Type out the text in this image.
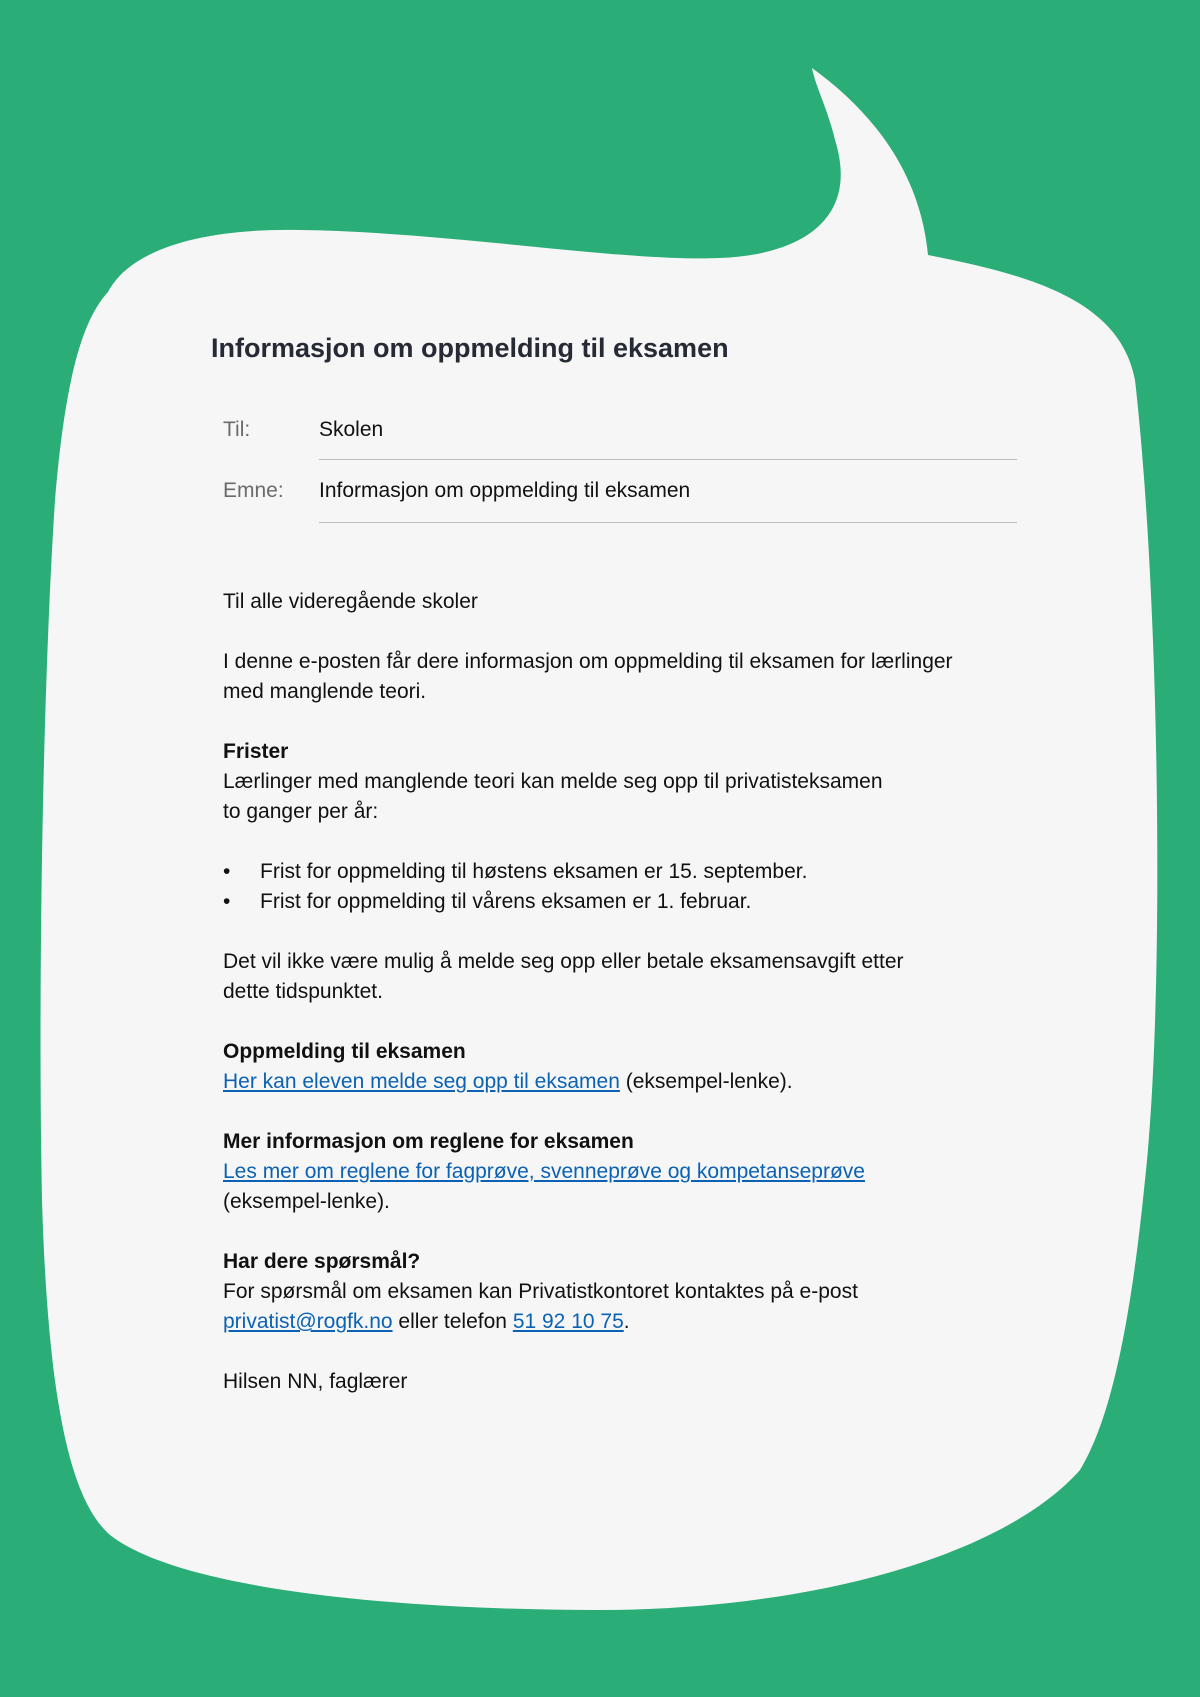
Informasjon om oppmelding til eksamen
Til:	Skolen
Emne: Informasjon om oppmelding til eksamen

Til alle videregående skoler

I denne e-posten får dere informasjon om oppmelding til eksamen for lærlinger
med manglende teori.

Frister

Lærlinger med manglende teori kan melde seg opp til privatisteksamen
to ganger per år:

• Frist for oppmelding til høstens eksamen er 15. september.
• Frist for oppmelding til vårens eksamen er 1. februar.

Det vil ikke være mulig å melde seg opp eller betale eksamensavgift etter
dette tidspunktet.

Oppmelding til eksamen

Her kan eleven melde seg opp til eksamen (eksempel-lenke).

Mer informasjon om reglene for eksamen

Les mer om reglene for fagprøve, svenneprøve og kompetanseprøve
(eksempel-lenke).

Har dere spørsmål?

For spørsmål om eksamen kan Privatistkontoret kontaktes på e-post
privatist@rogfk.no eller telefon 51 92 10 75.

Hilsen NN, faglærer
